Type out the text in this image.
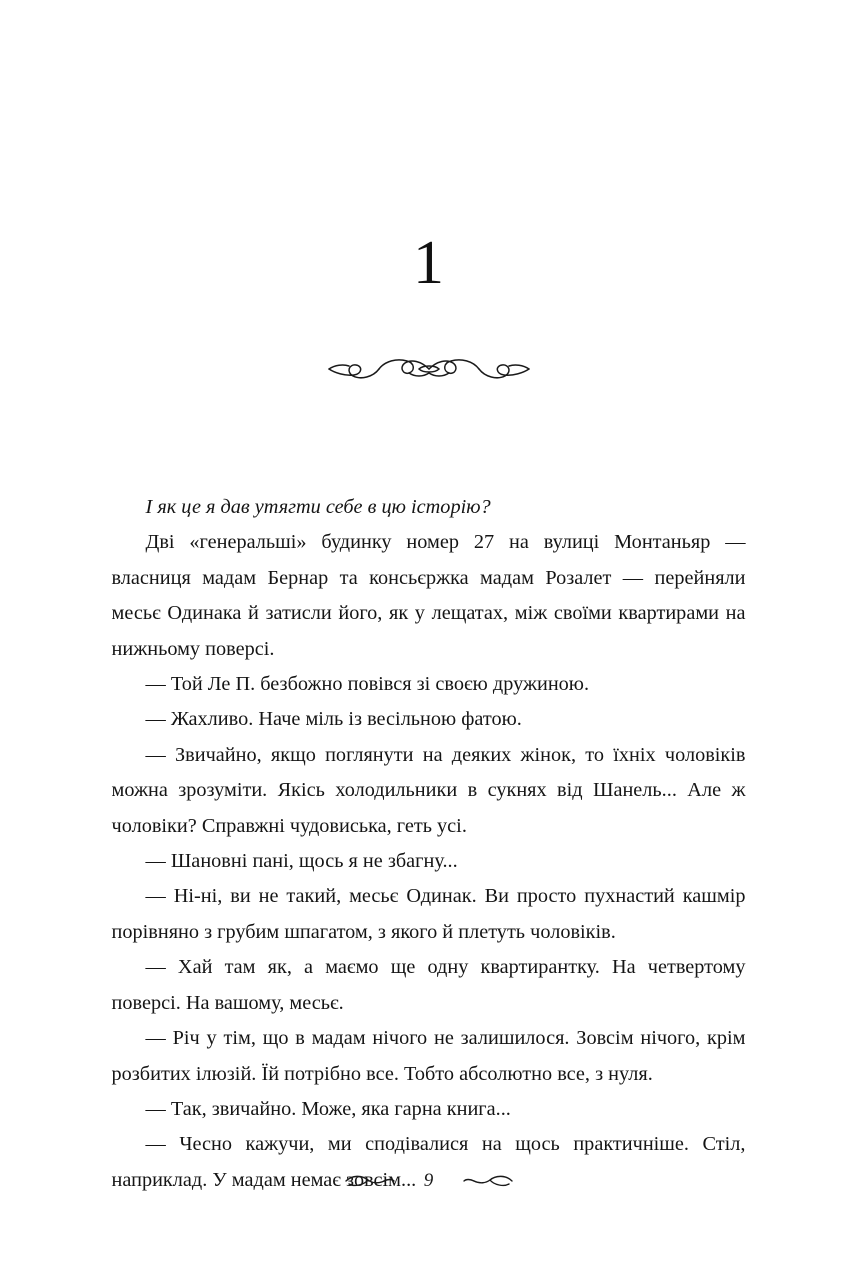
1

І як це я дав утягти себе в цю історію?

Дві «генеральші» будинку номер 27 на вулиці Монтаньяр — власниця мадам Бернар та консьєржка мадам Розалет — перейняли месьє Одинака й затисли його, як у лещатах, між своїми квартирами на нижньому поверсі.

— Той Ле П. безбожно повівся зі своєю дружиною.

— Жахливо. Наче міль із весільною фатою.

— Звичайно, якщо поглянути на деяких жінок, то їхніх чоловіків можна зрозуміти. Якісь холодильники в сукнях від Шанель... Але ж чоловіки? Справжні чудовиська, геть усі.

— Шановні пані, щось я не збагну...

— Ні-ні, ви не такий, месьє Одинак. Ви просто пухнастий кашмір порівняно з грубим шпагатом, з якого й плетуть чоловіків.

— Хай там як, а маємо ще одну квартирантку. На четвертому поверсі. На вашому, месьє.

— Річ у тім, що в мадам нічого не залишилося. Зовсім нічого, крім розбитих ілюзій. Їй потрібно все. Тобто абсолютно все, з нуля.

— Так, звичайно. Може, яка гарна книга...

— Чесно кажучи, ми сподівалися на щось практичніше. Стіл, наприклад. У мадам немає зовсім... 9
